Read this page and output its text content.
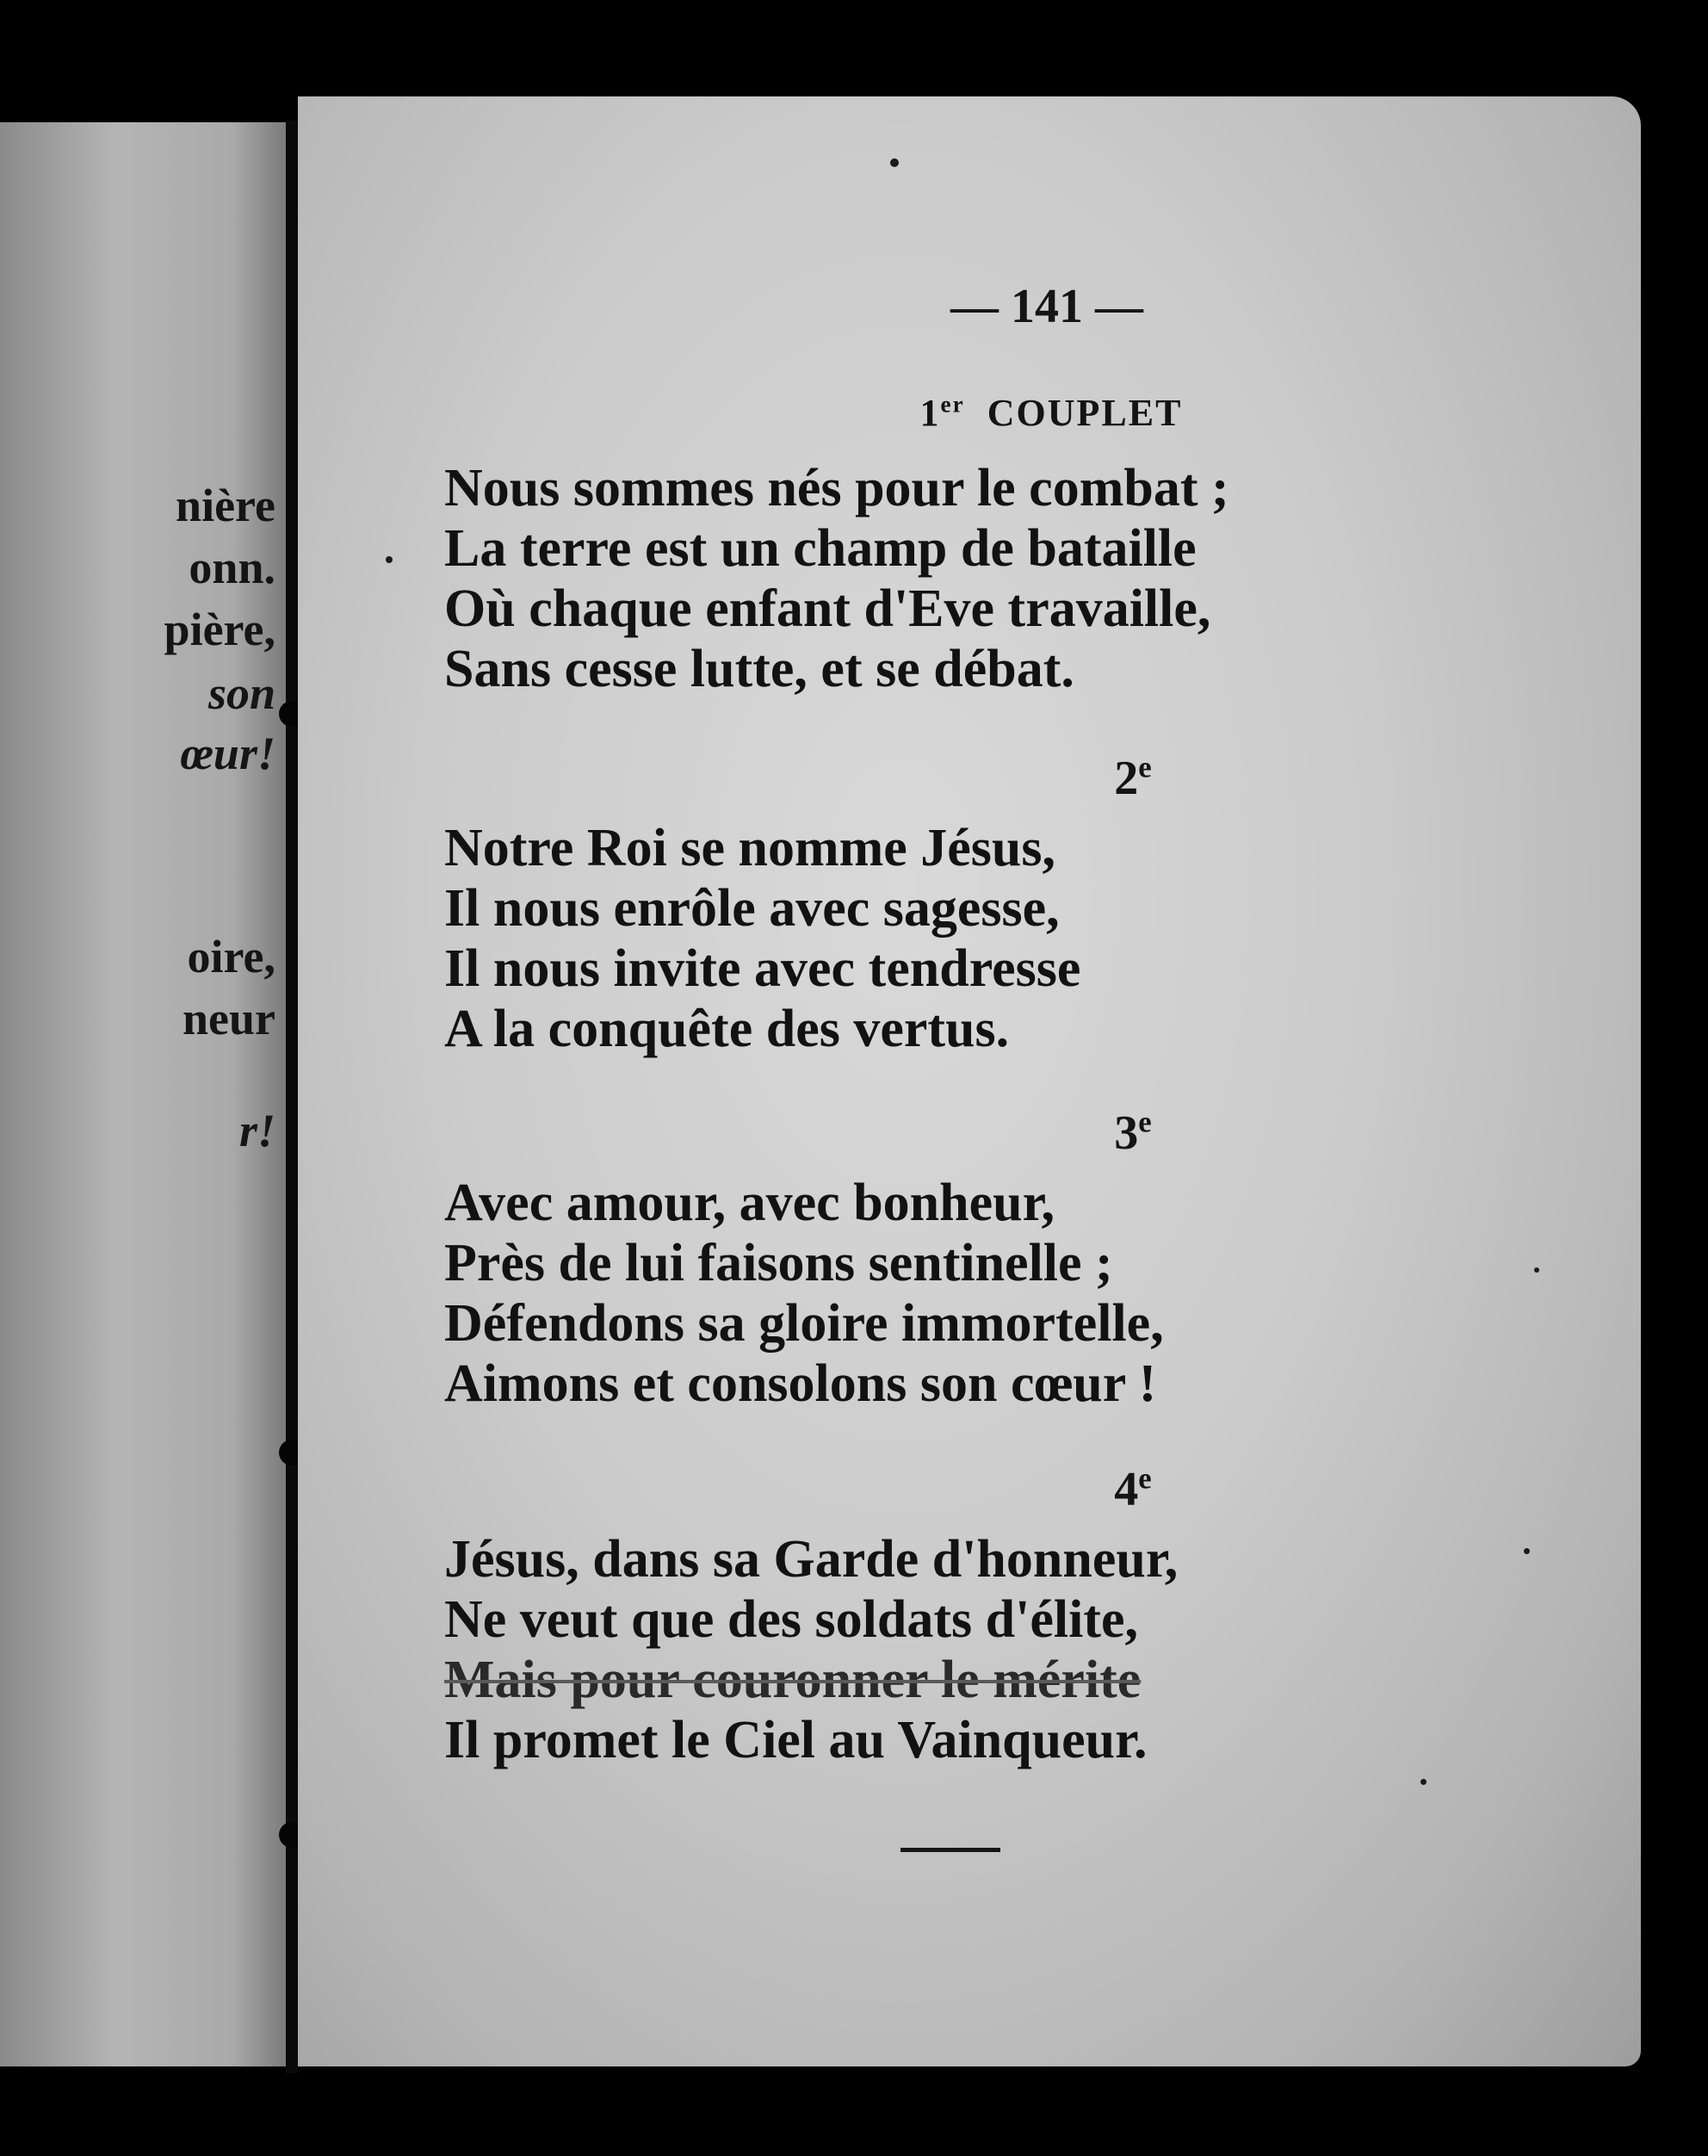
nière
onn.
pière,
son
œur!
oire,
neur
r!
— 141 —
1er COUPLET
Nous sommes nés pour le combat ;
La terre est un champ de bataille
Où chaque enfant d'Eve travaille,
Sans cesse lutte, et se débat.
2e
Notre Roi se nomme Jésus,
Il nous enrôle avec sagesse,
Il nous invite avec tendresse
A la conquête des vertus.
3e
Avec amour, avec bonheur,
Près de lui faisons sentinelle ;
Défendons sa gloire immortelle,
Aimons et consolons son cœur !
4e
Jésus, dans sa Garde d'honneur,
Ne veut que des soldats d'élite,
Mais pour couronner le mérite
Il promet le Ciel au Vainqueur.
